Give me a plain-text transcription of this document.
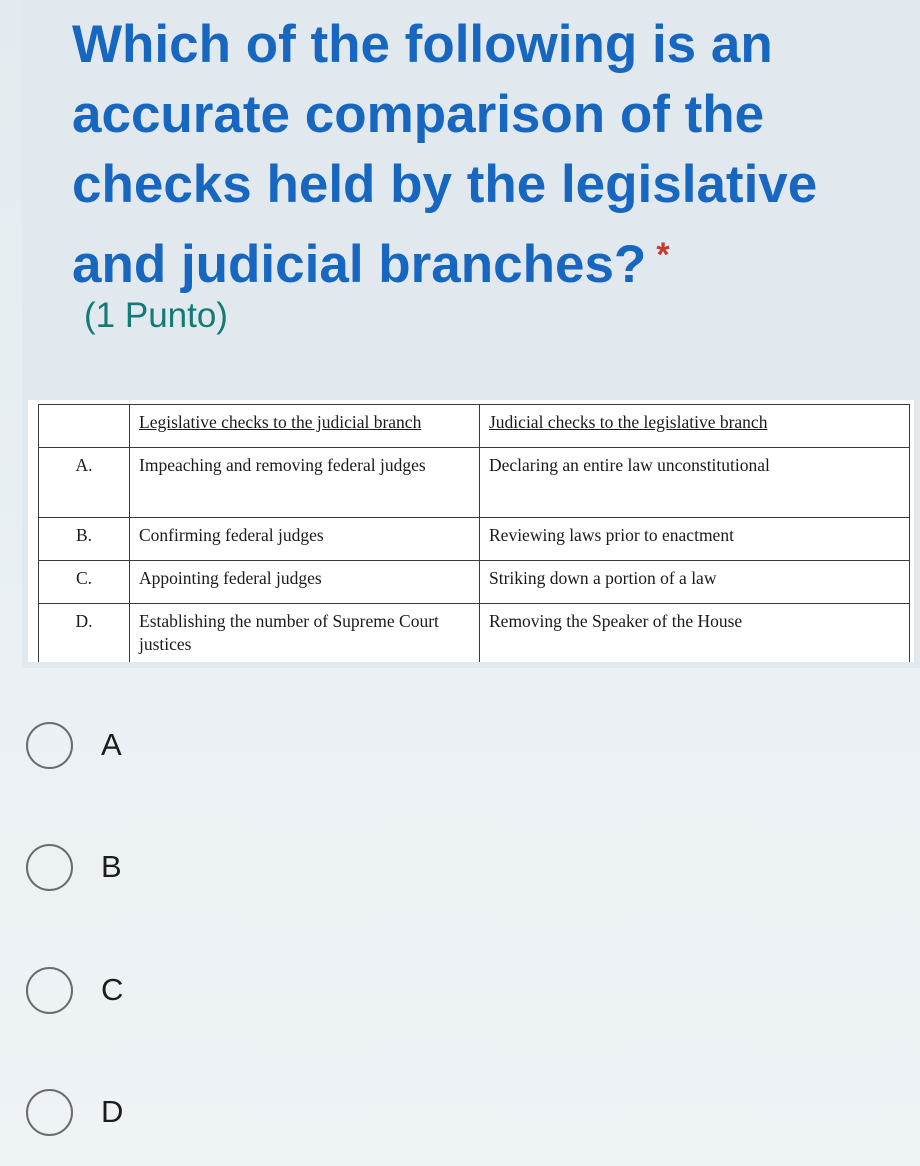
Which of the following is an accurate comparison of the checks held by the legislative and judicial branches? *
(1 Punto)
	Legislative checks to the judicial branch	Judicial checks to the legislative branch
A.	Impeaching and removing federal judges	Declaring an entire law unconstitutional
B.	Confirming federal judges	Reviewing laws prior to enactment
C.	Appointing federal judges	Striking down a portion of a law
D.	Establishing the number of Supreme Court justices	Removing the Speaker of the House
A
B
C
D
